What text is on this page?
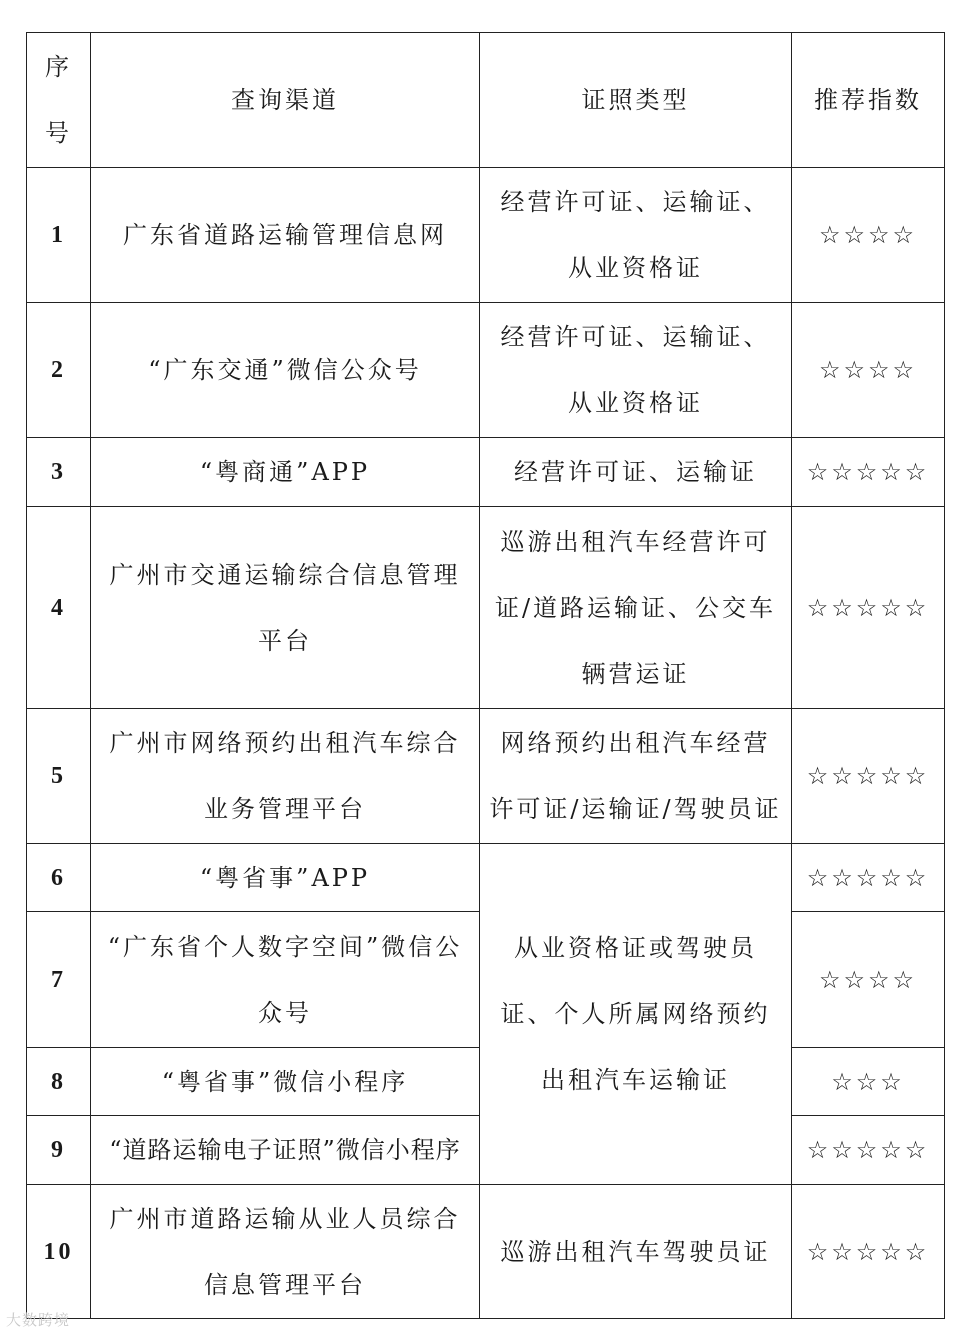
序号	查询渠道	证照类型	推荐指数
1	广东省道路运输管理信息网	经营许可证、运输证、从业资格证	☆☆☆☆
2	“广东交通”微信公众号	经营许可证、运输证、从业资格证	☆☆☆☆
3	“粤商通”APP	经营许可证、运输证	☆☆☆☆☆
4	广州市交通运输综合信息管理平台	巡游出租汽车经营许可证/道路运输证、公交车辆营运证	☆☆☆☆☆
5	广州市网络预约出租汽车综合业务管理平台	网络预约出租汽车经营许可证/运输证/驾驶员证	☆☆☆☆☆
6	“粤省事”APP	从业资格证或驾驶员证、个人所属网络预约出租汽车运输证	☆☆☆☆☆
7	“广东省个人数字空间”微信公众号		☆☆☆☆
8	“粤省事”微信小程序		☆☆☆
9	“道路运输电子证照”微信小程序		☆☆☆☆☆
10	广州市道路运输从业人员综合信息管理平台	巡游出租汽车驾驶员证	☆☆☆☆☆
大数跨境
